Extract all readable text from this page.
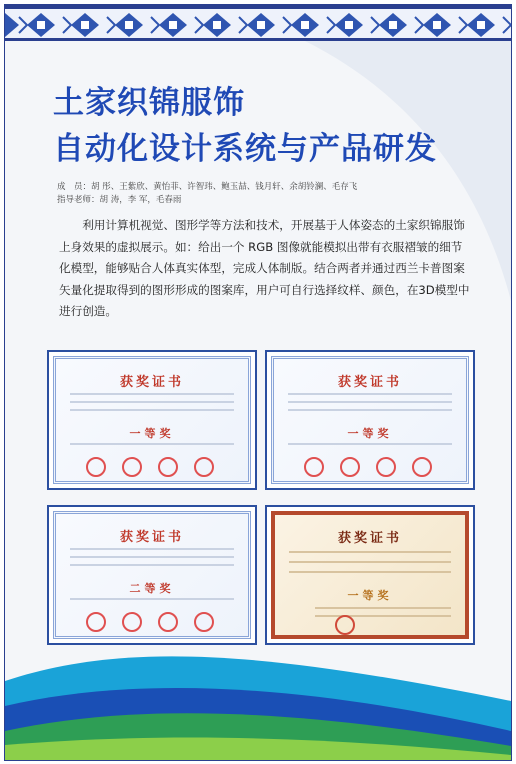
土家织锦服饰
自动化设计系统与产品研发
成　员：胡 彤、王紫欣、黄怡菲、许智玮、鲍玉喆、钱月轩、余胡铃澜、毛存飞
指导老师：胡 涛，李 军，毛春雨
利用计算机视觉、图形学等方法和技术，开展基于人体姿态的土家织锦服饰上身效果的虚拟展示。如：给出一个 RGB 图像就能模拟出带有衣服褶皱的细节化模型，能够贴合人体真实体型，完成人体制版。结合两者并通过西兰卡普图案矢量化提取得到的图形形成的图案库，用户可自行选择纹样、颜色，在3D模型中进行创造。
获奖证书
一等奖
获奖证书
一等奖
获奖证书
二等奖
获奖证书
一等奖
